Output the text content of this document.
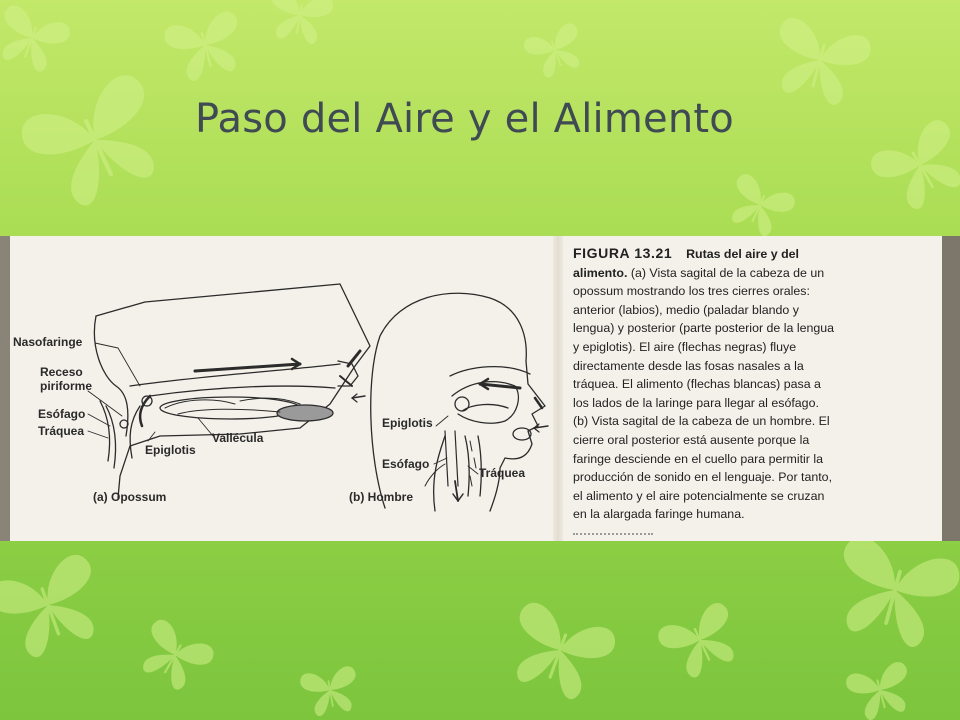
Paso del Aire y el Alimento
Nasofaringe
Receso
piriforme
Esófago
Tráquea	Vallécula
Epiglotis
(a) Opossum
Epiglotis
Esófago
Tráquea
(b) Hombre
FIGURA 13.21 Rutas del aire y del alimento. (a) Vista sagital de la cabeza de un opossum mostrando los tres cierres orales: anterior (labios), medio (paladar blando y lengua) y posterior (parte posterior de la lengua y epiglotis). El aire (flechas negras) fluye directamente desde las fosas nasales a la tráquea. El alimento (flechas blancas) pasa a los lados de la laringe para llegar al esófago. (b) Vista sagital de la cabeza de un hombre. El cierre oral posterior está ausente porque la faringe desciende en el cuello para permitir la producción de sonido en el lenguaje. Por tanto, el alimento y el aire potencialmente se cruzan en la alargada faringe humana.
